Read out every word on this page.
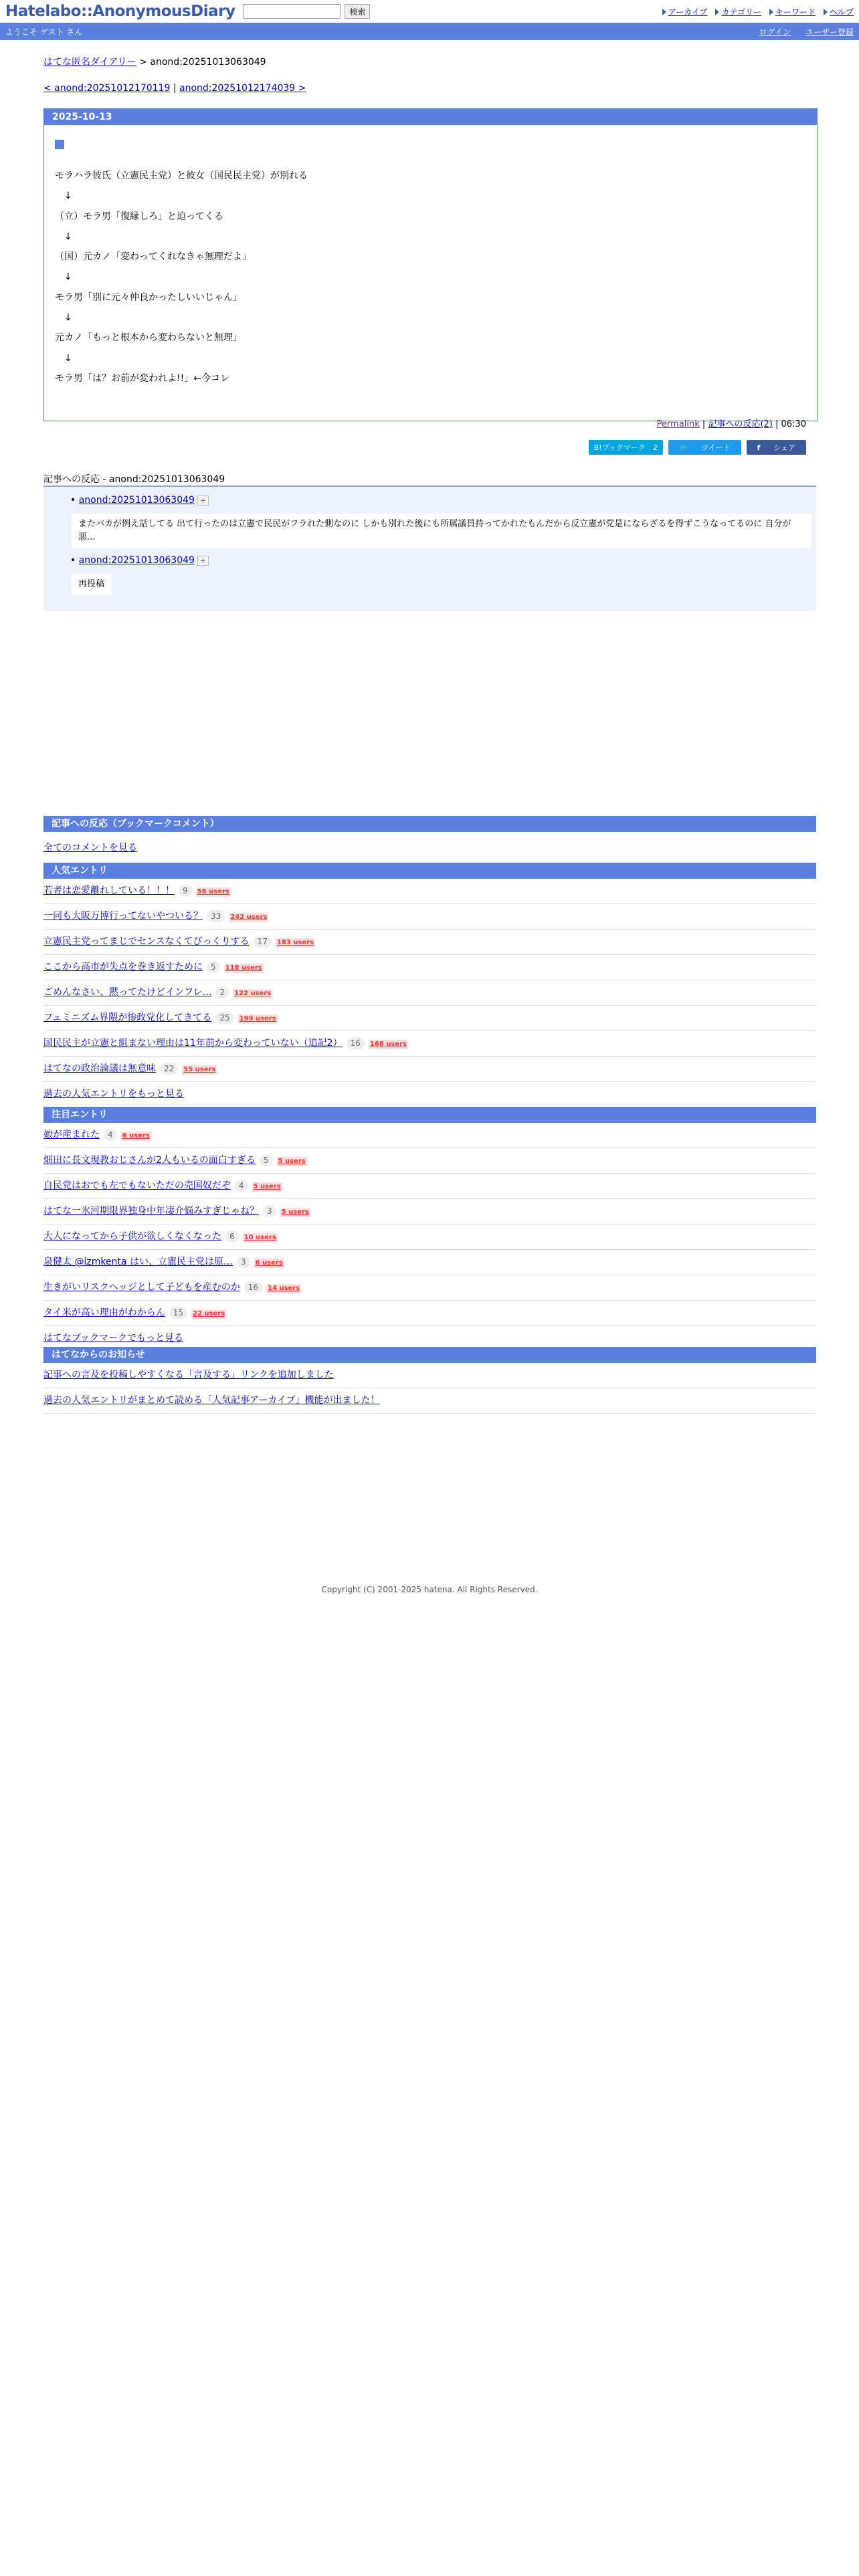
Hatelabo::AnonymousDiary	検索	アーカイブ	カテゴリー	キーワード	ヘルプ
ようこそ ゲスト さん	ログイン ユーザー登録
はてな匿名ダイアリー > anond:20251013063049
< anond:20251012170119 | anond:20251012174039 >
2025-10-13
モラハラ彼氏（立憲民主党）と彼女（国民民主党）が別れる
　↓
（立）モラ男「復縁しろ」と迫ってくる
　↓
（国）元カノ「変わってくれなきゃ無理だよ」
　↓
モラ男「別に元々仲良かったしいいじゃん」
　↓
元カノ「もっと根本から変わらないと無理」
　↓
モラ男「は？お前が変われよ!!」←今コレ
Permalink | 記事への反応(2) | 06:30
B!ブックマーク　2	🐦 ツイート	f シェア
記事への反応 - anond:20251013063049
• anond:20251013063049 +
またバカが例え話してる 出て行ったのは立憲で民民がフラれた側なのに しかも別れた後にも所属議員持ってかれたもんだから反立憲が党是にならざるを得ずこうなってるのに 自分が悪...
• anond:20251013063049 +
再投稿
記事への反応（ブックマークコメント）
全てのコメントを見る
人気エントリ
若者は恋愛離れしている！！！ 9 58 users
一同も大阪万博行ってないやついる？ 33 242 users
立憲民主党ってまじでセンスなくてびっくりする 17 183 users
ここから高市が失点を巻き返すために 5 118 users
ごめんなさい、黙ってたけどインフレ… 2 122 users
フェミニズム界隈が惨政党化してきてる 25 199 users
国民民主が立憲と組まない理由は11年前から変わっていない（追記2） 16 168 users
はてなの政治論議は無意味 22 55 users
過去の人気エントリをもっと見る
注目エントリ
娘が産まれた 4 6 users
畑田に長文現教おじさんが2人もいるの面白すぎる 5 5 users
自民党はおでも左でもないただの売国奴だぞ 4 5 users
はてな一氷河期限界独身中年凄介悩みすぎじゃね？ 3 5 users
大人になってから子供が欲しくなくなった 6 10 users
泉健太 @izmkenta はい、立憲民主党は原… 3 6 users
生きがいリスクヘッジとして子どもを産むのか 16 14 users
タイ米が高い理由がわからん 15 22 users
はてなブックマークでもっと見る
はてなからのお知らせ
記事への言及を投稿しやすくなる「言及する」リンクを追加しました
過去の人気エントリがまとめて読める「人気記事アーカイブ」機能が出ました！
Copyright (C) 2001-2025 hatena. All Rights Reserved.
